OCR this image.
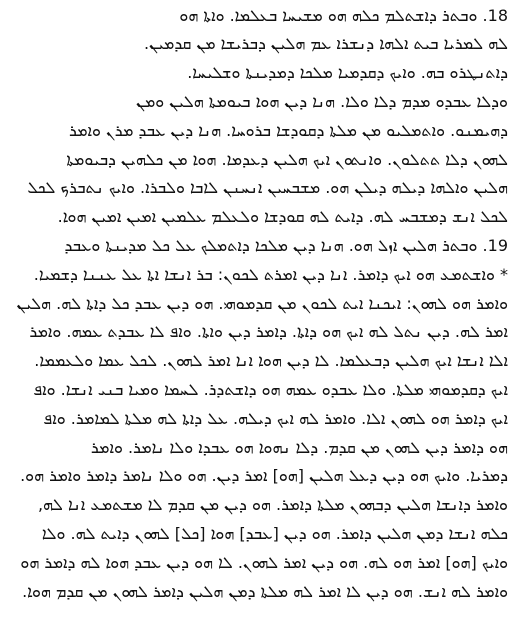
18. ܘܒܬܪ ܕܐܫܬܠܡ ܟܠܗ ܗܘ ܡܫܝܚܐ ܒܥܠܡܐ. ܘܐܬܐ ܗܘ
ܠܗ ܠܡܪܝܐ ܒܝܬ ܐܠܗܐ ܕܢܫܪܐ ܥܡ ܗܠܝܢ ܕܒܪܝܫܐ ܡܢ ܩܕܡܝܢ.
ܕܐܬܢܛܪܘ ܒܗ. ܘܐܝܟ ܕܩܕܡܝܐ ܡܠܟܐ ܕܡܕܝܢܬܐ ܘܫܠܝܚܐ.
ܘܕܠܐ ܥܒܕܘ ܡܕܡ ܕܠܐ ܘܠܐ. ܗܢܐ ܕܝܢ ܗܘܐ ܒܝܘܡܬܐ ܗܠܝܢ ܘܡܢ
ܕܗܝܡܢܘ. ܘܐܬܡܠܝܘ ܡܢ ܡܠܬܐ ܕܩܘܕܫܐ ܒܪܘܚܐ. ܗܢܐ ܕܝܢ ܥܒܕ ܡܪܢ ܘܐܡܪ
ܠܗܘܢ ܕܠܐ ܬܬܠܘܢ. ܘܐܢܬܘܢ ܐܝܟ ܗܠܝܢ ܕܥܕܡܐ. ܗܘܐ ܡܢ ܟܠܗܝܢ ܕܒܝܘܡܬܐ
ܗܠܝܢ ܘܐܠܗܐ ܕܝܠܗ ܕܝܠܢ ܗܘ. ܡܫܒܚܝܢ ܐܢܚܢܢ ܠܐܒܐ ܘܠܒܪܐ. ܘܐܝܟ ܢܬܒܪܟ ܠܟܠ
ܠܟܠ ܐܢܫ ܕܡܫܒܚ ܠܗ. ܕܐܝܬ ܠܗ ܩܘܕܫܐ ܘܠܥܠܡ ܥܠܡܝܢ ܐܡܝܢ ܐܡܝܢ ܗܘܐ.
19. ܘܒܬܪ ܗܠܝܢ ܐܙܠ ܗܘ. ܗܢܐ ܕܝܢ ܡܠܟܐ ܕܐܬܡܠܟ ܥܠ ܟܠ ܡܕܝܢܬܐ ܘܥܒܕ
* ܘܐܫܬܡܥ ܗܘ ܐܝܟ ܕܐܡܪ. ܐܢܐ ܕܝܢ ܐܡܪܬ ܠܟܘܢ: ܒܪ ܐܢܫܐ ܐܬܐ ܥܠ ܥܢܢܐ ܕܫܡܝܐ.
ܘܐܡܪ ܗܘ ܠܗܘܢ: ܐܝܟܢܐ ܐܝܬ ܠܟܘܢ ܡܢ ܩܕܡܘܗܝ. ܗܘ ܕܝܢ ܥܒܕ ܟܠ ܕܐܬܐ ܠܗ. ܗܠܝܢ
ܐܡܪ ܠܗ. ܕܝܢ ܢܬܠ ܠܗ ܐܝܟ ܗܘ ܕܐܬܐ. ܕܐܡܪ ܕܝܢ ܘܐܬܐ. ܘܐܦ ܠܐ ܥܒܕܬ ܥܡܗ. ܘܐܡܪ
ܐܠܐ ܐܢܫܐ ܐܝܟ ܗܠܝܢ ܕܒܥܠܡܐ. ܠܐ ܕܝܢ ܗܘܐ ܐܢܐ ܐܡܪ ܠܗܘܢ. ܠܟܠ ܥܡܐ ܘܠܥܡܡܐ.
ܐܝܟ ܕܩܕܡܘܗܝ ܡܠܬܐ. ܘܠܐ ܥܒܕܘ ܥܡܗ ܗܘ ܕܐܫܬܕܪ. ܠܚܡܐ ܘܡܝܐ ܒܢܝ ܐܢܫܐ. ܘܐܦ
ܐܝܟ ܕܐܡܪ ܗܘ ܠܗܘܢ ܐܠܐ. ܘܐܡܪ ܠܗ ܐܝܟ ܕܝܠܗ. ܥܠ ܕܐܬܐ ܠܗ ܡܠܬܐ ܠܡܐܡܪ. ܘܐܦ
ܗܘ ܕܐܡܪ ܕܝܢ ܠܗܘܢ ܡܢ ܩܕܡ. ܕܠܐ ܢܗܘܐ ܗܘ ܥܒܕܐ ܘܠܐ ܢܐܡܪ. ܘܐܡܪ
ܕܡܪܝܐ. ܘܐܝܟ ܗܘ ܕܝܢ ܕܥܠ ܗܠܝܢ [ܗܘ] ܐܡܪ ܕܝܢ. ܗܘ ܘܠܐ ܢܐܡܪ ܕܐܡܪ ܘܐܡܪ ܗܘ.
ܘܐܡܪ ܕܐܢܫܐ ܗܠܝܢ ܕܒܗܘܢ ܡܠܬܐ ܕܐܡܪ. ܗܘ ܕܝܢ ܡܢ ܩܕܡ ܠܐ ܡܫܬܡܥ ܐܢܐ ܠܗ,
ܟܠܗ ܐܢܫܐ ܕܡܢ ܗܠܝܢ ܕܐܡܪ. ܗܘ ܕܝܢ [ܥܒܕ] ܗܘܐ [ܟܠ] ܠܗܘܢ ܕܐܝܬ ܠܗ. ܘܠܐ
ܘܐܝܟ [ܗܘ] ܐܡܪ ܗܘ ܠܗ. ܗܘ ܕܝܢ ܐܡܪ ܠܗܘܢ. ܠܐ ܗܘ ܕܝܢ ܥܒܕ ܗܘܐ ܠܗ ܕܐܡܪ ܗܘ
ܘܐܡܪ ܠܗ ܐܢܫ. ܗܘ ܕܝܢ ܠܐ ܐܡܪ ܠܗ ܡܠܬܐ ܕܡܢ ܗܠܝܢ ܕܐܡܪ ܠܗܘܢ ܡܢ ܩܕܡ ܗܘܐ.
